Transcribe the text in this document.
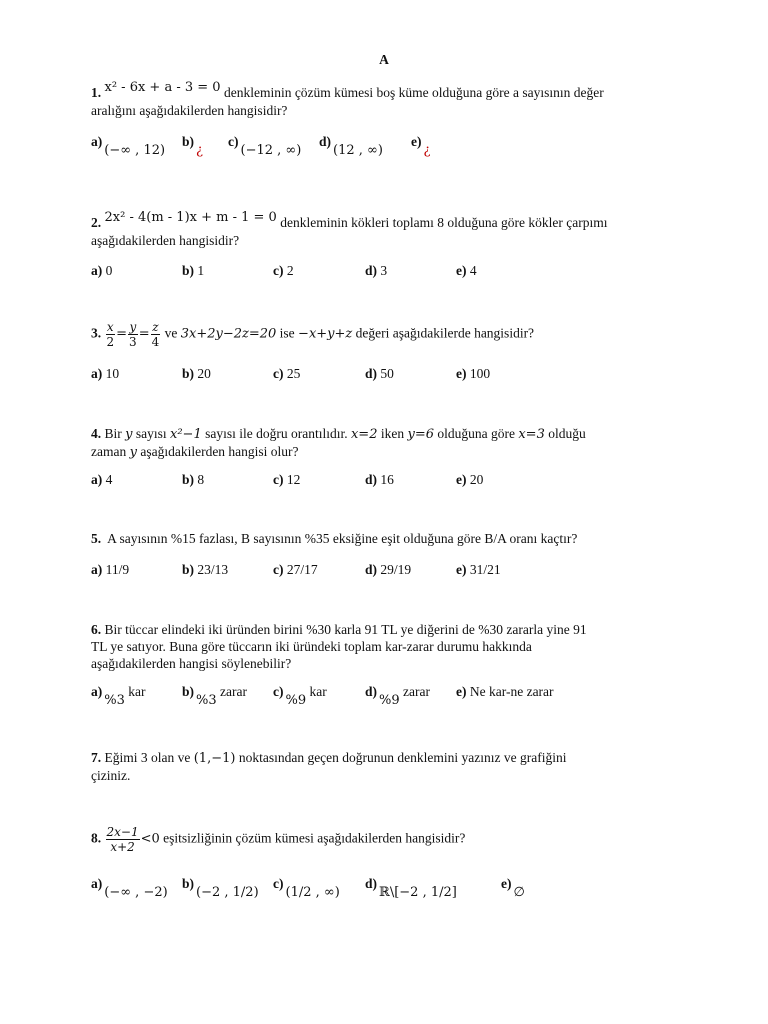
A
1. x² - 6x + a - 3 = 0 denkleminin çözüm kümesi boş küme olduğuna göre a sayısının değer
aralığını aşağıdakilerden hangisidir?
a)(−∞ , 12)
b)¿
c)(−12 , ∞)
d)(12 , ∞)
e)¿
2. 2x² - 4(m - 1)x + m - 1 = 0 denkleminin kökleri toplamı 8 olduğuna göre kökler çarpımı
aşağıdakilerden hangisidir?
a) 0	b) 1	c) 2	d) 3	e) 4
3. $\frac{x}{2} = \frac{y}{3} = \frac{z}{4}$ ve 3x+2y−2z=20 ise −x+y+z değeri aşağıdakilerde hangisidir?
a) 10	b) 20	c) 25	d) 50	e) 100
4. Bir y sayısı x²−1 sayısı ile doğru orantılıdır. x=2 iken y=6 olduğuna göre x=3 olduğu
zaman y aşağıdakilerden hangisi olur?
a) 4	b) 8	c) 12	d) 16	e) 20
5. A sayısının %15 fazlası, B sayısının %35 eksiğine eşit olduğuna göre B/A oranı kaçtır?
a) 11/9	b) 23/13	c) 27/17	d) 29/19	e) 31/21
6. Bir tüccar elindeki iki üründen birini %30 karla 91 TL ye diğerini de %30 zararla yine 91
TL ye satıyor. Buna göre tüccarın iki üründeki toplam kar-zarar durumu hakkında
aşağıdakilerden hangisi söylenebilir?
a)%3 kar	b)%3 zarar c)%9 kar	d)%9 zarar e) Ne kar-ne zarar
7. Eğimi 3 olan ve (1,−1) noktasından geçen doğrunun denklemini yazınız ve grafiğini
çiziniz.
8. $\frac{2x-1}{x+2} <0$ eşitsizliğinin çözüm kümesi aşağıdakilerden hangisidir?
a)(−∞ , −2)
b)(−2 , 1/2)
c)(1/2 , ∞)
d)ℝ\[−2 , 1/2]
e)∅
